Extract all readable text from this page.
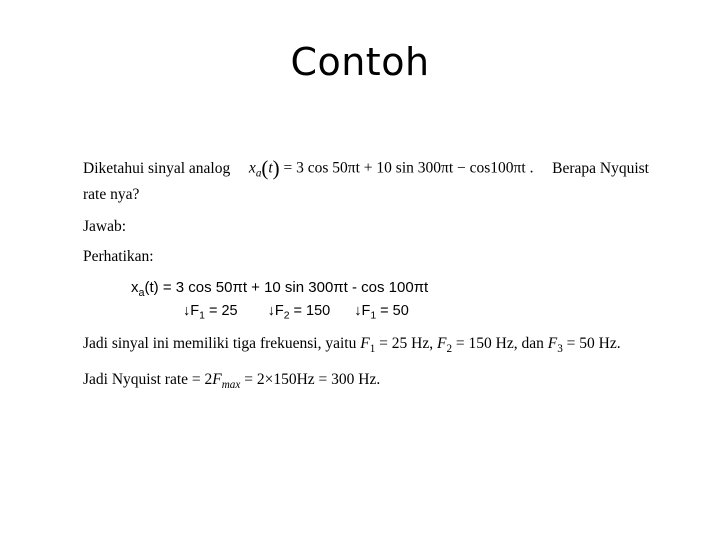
Contoh
Diketahui sinyal analog $x_a(t) = 3$ cos 50πt + 10 sin 300πt − cos100πt . Berapa Nyquist
rate nya?
Jawab:
Perhatikan:
$x_a(t) = 3$ cos 50πt + 10 sin 300πt - cos 100πt
$↓F_1 = 25$ $↓F_2 = 150$ $↓F_1 = 50$
Jadi sinyal ini memiliki tiga frekuensi, yaitu $F_1 = 25$ Hz, $F_2 = 150$ Hz, dan $F_3 = 50$ Hz.
Jadi Nyquist rate = $2F_{max} = 2\times 150Hz = 300$ Hz.
